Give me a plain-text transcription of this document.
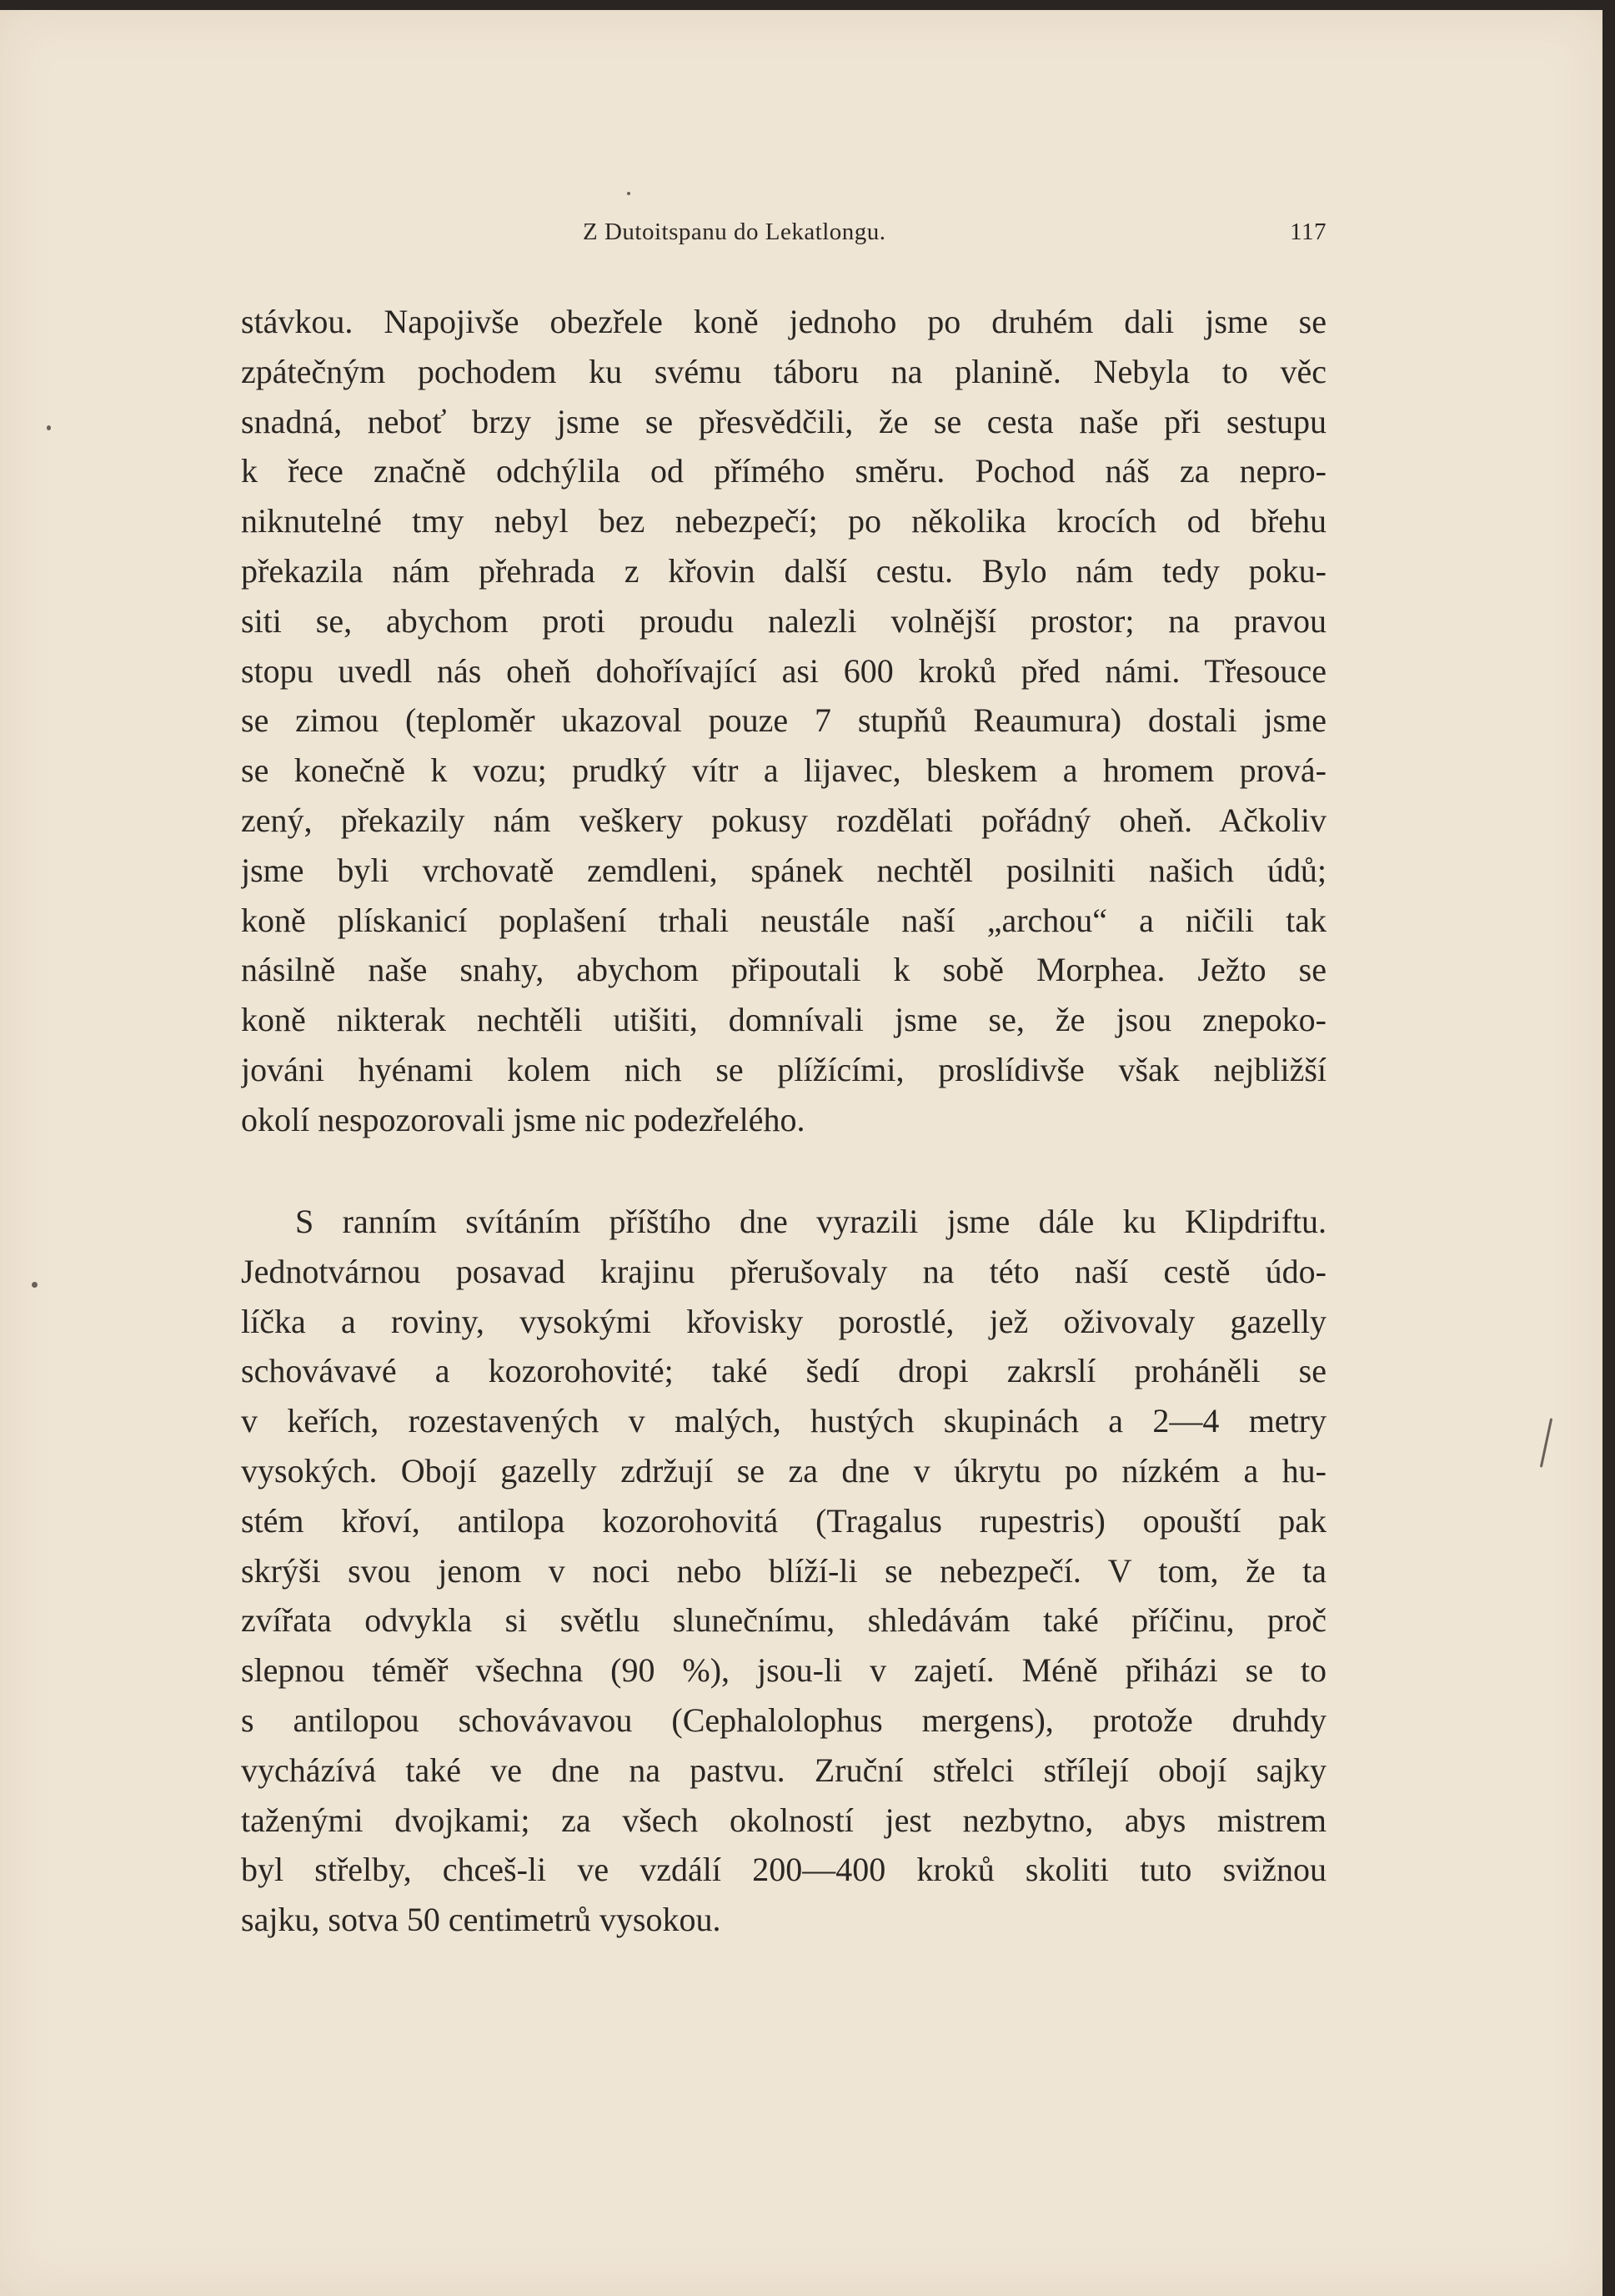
Z Dutoitspanu do Lekatlongu.	117
stávkou. Napojivše obezřele koně jednoho po druhém dali jsme se
zpátečným pochodem ku svému táboru na planině. Nebyla to věc
snadná, neboť brzy jsme se přesvědčili, že se cesta naše při sestupu
k řece značně odchýlila od přímého směru. Pochod náš za nepro-
niknutelné tmy nebyl bez nebezpečí; po několika krocích od břehu
překazila nám přehrada z křovin další cestu. Bylo nám tedy poku-
siti se, abychom proti proudu nalezli volnější prostor; na pravou
stopu uvedl nás oheň dohořívající asi 600 kroků před námi. Třesouce
se zimou (teploměr ukazoval pouze 7 stupňů Reaumura) dostali jsme
se konečně k vozu; prudký vítr a lijavec, bleskem a hromem prová-
zený, překazily nám veškery pokusy rozdělati pořádný oheň. Ačkoliv
jsme byli vrchovatě zemdleni, spánek nechtěl posilniti našich údů;
koně plískanicí poplašení trhali neustále naší „archou“ a ničili tak
násilně naše snahy, abychom připoutali k sobě Morphea. Ježto se
koně nikterak nechtěli utišiti, domnívali jsme se, že jsou znepoko-
jováni hyénami kolem nich se plížícími, proslídivše však nejbližší
okolí nespozorovali jsme nic podezřelého.
S ranním svítáním příštího dne vyrazili jsme dále ku Klipdriftu.
Jednotvárnou posavad krajinu přerušovaly na této naší cestě údo-
líčka a roviny, vysokými křovisky porostlé, jež oživovaly gazelly
schovávavé a kozorohovité; také šedí dropi zakrslí proháněli se
v keřích, rozestavených v malých, hustých skupinách a 2—4 metry
vysokých. Obojí gazelly zdržují se za dne v úkrytu po nízkém a hu-
stém křoví, antilopa kozorohovitá (Tragalus rupestris) opouští pak
skrýši svou jenom v noci nebo blíží-li se nebezpečí. V tom, že ta
zvířata odvykla si světlu slunečnímu, shledávám také příčinu, proč
slepnou téměř všechna (90 %), jsou-li v zajetí. Méně přiházi se to
s antilopou schovávavou (Cephalolophus mergens), protože druhdy
vycházívá také ve dne na pastvu. Zruční střelci střílejí obojí sajky
taženými dvojkami; za všech okolností jest nezbytno, abys mistrem
byl střelby, chceš-li ve vzdálí 200—400 kroků skoliti tuto svižnou
sajku, sotva 50 centimetrů vysokou.
